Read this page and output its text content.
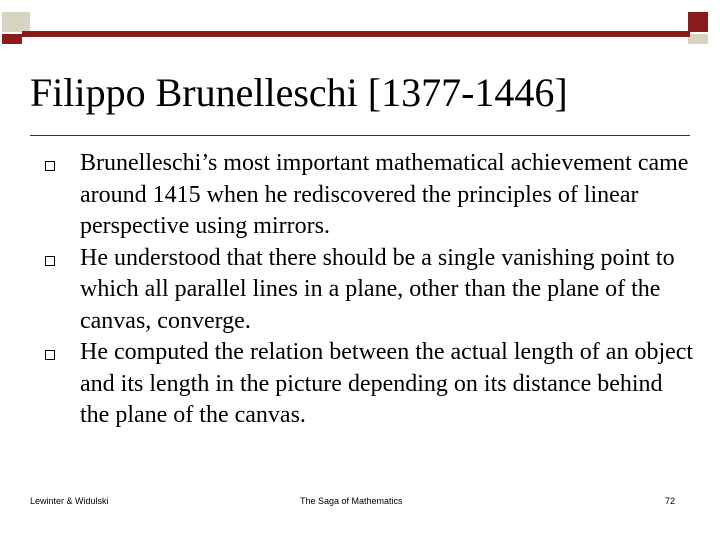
Filippo Brunelleschi [1377-1446]
Brunelleschi’s most important mathematical achievement came around 1415 when he rediscovered the principles of linear perspective using mirrors.
He understood that there should be a single vanishing point to which all parallel lines in a plane, other than the plane of the canvas, converge.
He computed the relation between the actual length of an object and its length in the picture depending on its distance behind the plane of the canvas.
Lewinter & Widulski	The Saga of Mathematics	72
